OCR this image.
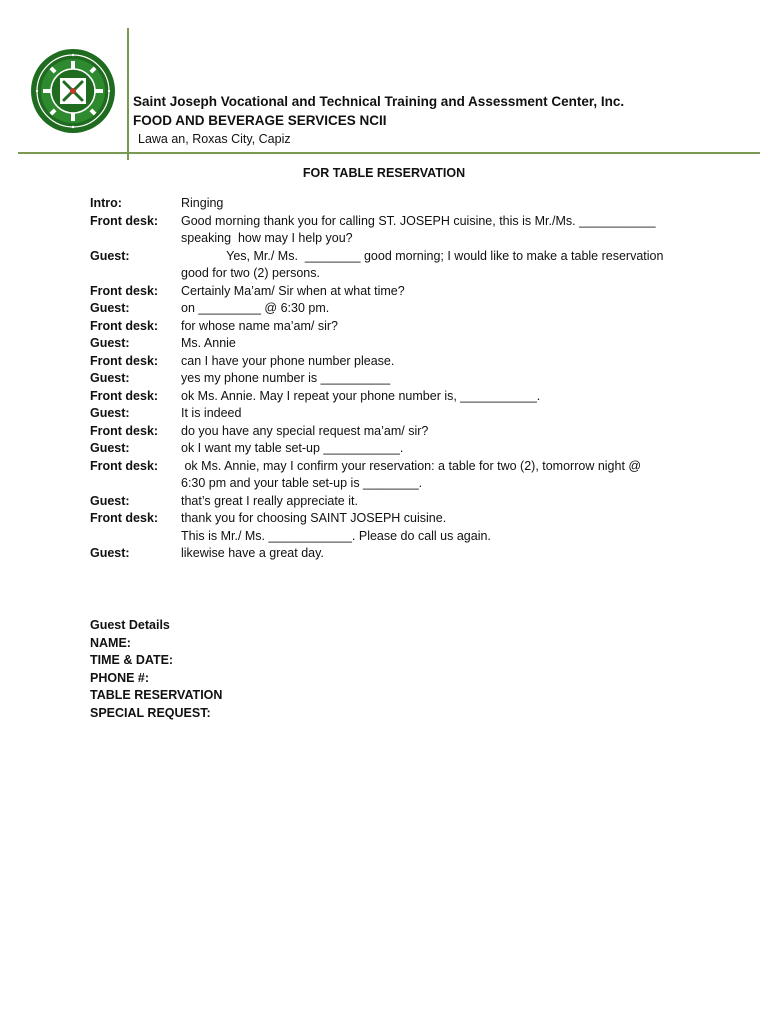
Saint Joseph Vocational and Technical Training and Assessment Center, Inc.
FOOD AND BEVERAGE SERVICES NCII
Lawa an, Roxas City, Capiz
FOR TABLE RESERVATION
Intro:	Ringing
Front desk:	Good morning thank you for calling ST. JOSEPH cuisine, this is Mr./Ms. ___________
speaking  how may I help you?
Guest:	Yes, Mr./ Ms.  ________ good morning; I would like to make a table reservation
good for two (2) persons.
Front desk:	Certainly Ma’am/ Sir when at what time?
Guest:	on _________ @ 6:30 pm.
Front desk:	for whose name ma’am/ sir?
Guest:	Ms. Annie
Front desk:	can I have your phone number please.
Guest:	yes my phone number is __________
Front desk:	ok Ms. Annie. May I repeat your phone number is, ___________.
Guest:	It is indeed
Front desk:	do you have any special request ma’am/ sir?
Guest:	ok I want my table set-up ___________.
Front desk:	ok Ms. Annie, may I confirm your reservation: a table for two (2), tomorrow night @
6:30 pm and your table set-up is ________.
Guest:	that’s great I really appreciate it.
Front desk:	thank you for choosing SAINT JOSEPH cuisine.
This is Mr./ Ms. ____________. Please do call us again.
Guest:	likewise have a great day.
Guest Details
NAME:
TIME & DATE:
PHONE #:
TABLE RESERVATION
SPECIAL REQUEST:
